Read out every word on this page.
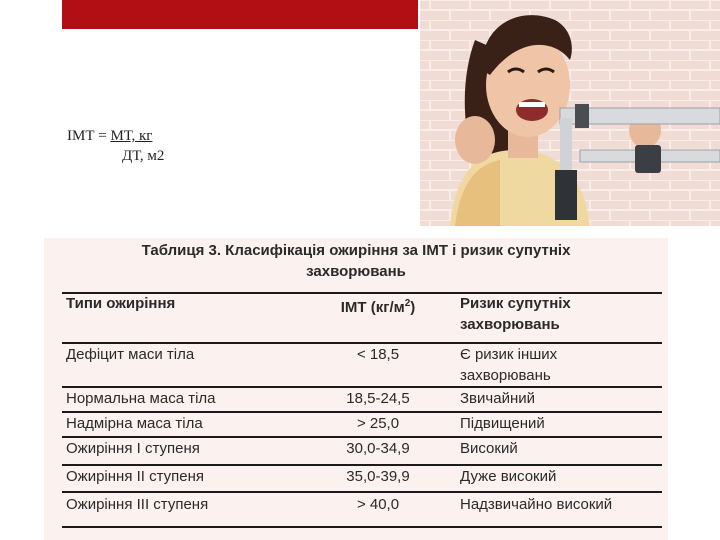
ІМТ = МТ, кг
ДТ, м2
Таблиця 3. Класифікація ожиріння за ІМТ і ризик супутніх
захворювань
Типи ожиріння	ІМТ $(кг/м^2)$	Ризик супутніх
захворювань
Дефіцит маси тіла	< 18,5	Є ризик інших
захворювань
Нормальна маса тіла	18,5-24,5	Звичайний
Надмірна маса тіла	> 25,0	Підвищений
Ожиріння І ступеня	30,0-34,9	Високий
Ожиріння ІІ ступеня	35,0-39,9	Дуже високий
Ожиріння ІІІ ступеня	> 40,0	Надзвичайно високий
